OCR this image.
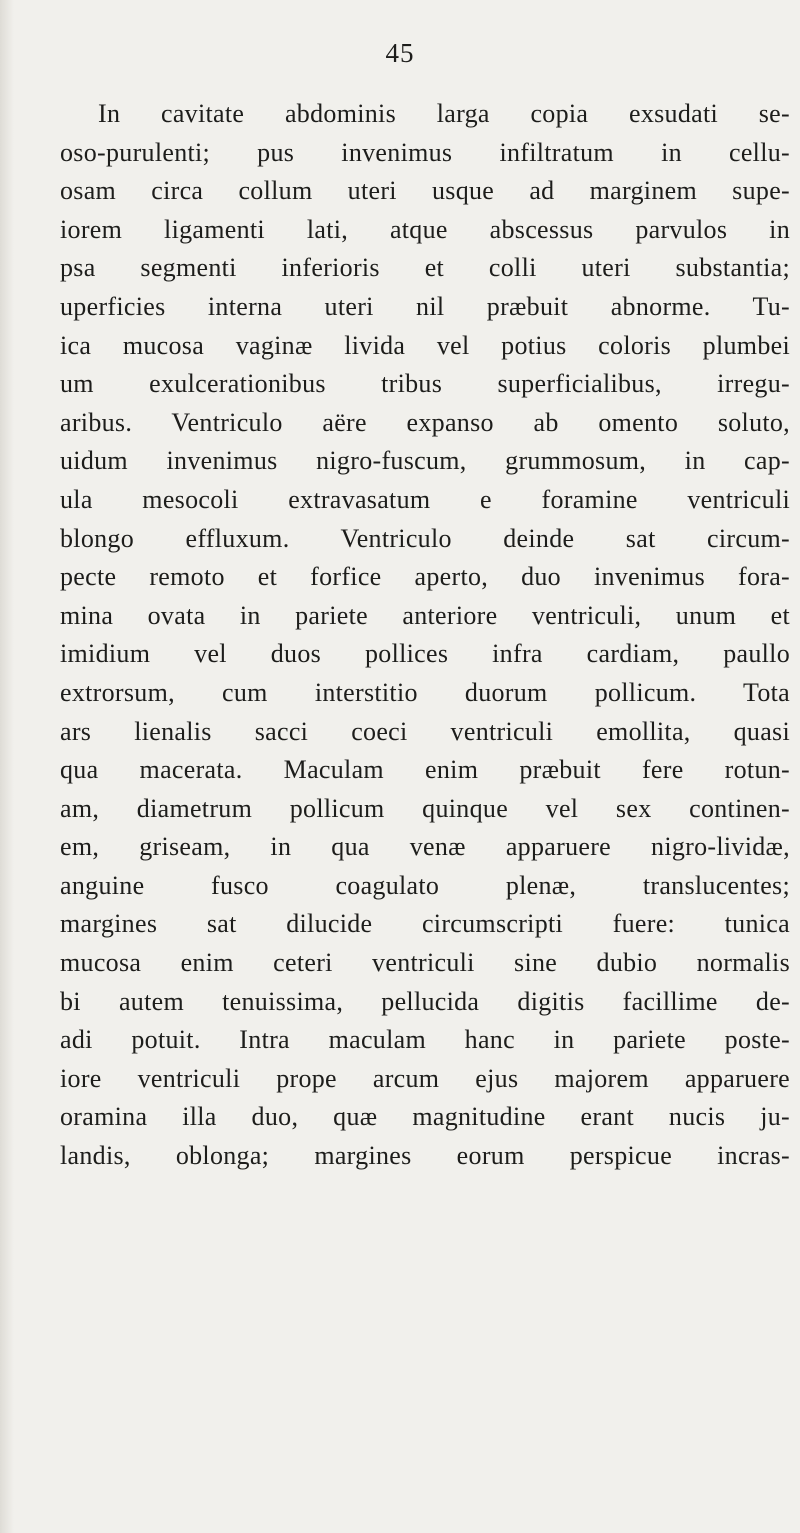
45
In cavitate abdominis larga copia exsudati se-
oso-purulenti; pus invenimus infiltratum in cellu-
osam circa collum uteri usque ad marginem supe-
iorem ligamenti lati, atque abscessus parvulos in
psa segmenti inferioris et colli uteri substantia;
uperficies interna uteri nil præbuit abnorme. Tu-
ica mucosa vaginæ livida vel potius coloris plumbei
um exulcerationibus tribus superficialibus, irregu-
aribus. Ventriculo aëre expanso ab omento soluto,
uidum invenimus nigro-fuscum, grummosum, in cap-
ula mesocoli extravasatum e foramine ventriculi
blongo effluxum. Ventriculo deinde sat circum-
pecte remoto et forfice aperto, duo invenimus fora-
mina ovata in pariete anteriore ventriculi, unum et
imidium vel duos pollices infra cardiam, paullo
extrorsum, cum interstitio duorum pollicum. Tota
ars lienalis sacci coeci ventriculi emollita, quasi
qua macerata. Maculam enim præbuit fere rotun-
am, diametrum pollicum quinque vel sex continen-
em, griseam, in qua venæ apparuere nigro-lividæ,
anguine fusco coagulato plenæ, translucentes;
margines sat dilucide circumscripti fuere: tunica
mucosa enim ceteri ventriculi sine dubio normalis
bi autem tenuissima, pellucida digitis facillime de-
adi potuit. Intra maculam hanc in pariete poste-
iore ventriculi prope arcum ejus majorem apparuere
oramina illa duo, quæ magnitudine erant nucis ju-
landis, oblonga; margines eorum perspicue incras-
